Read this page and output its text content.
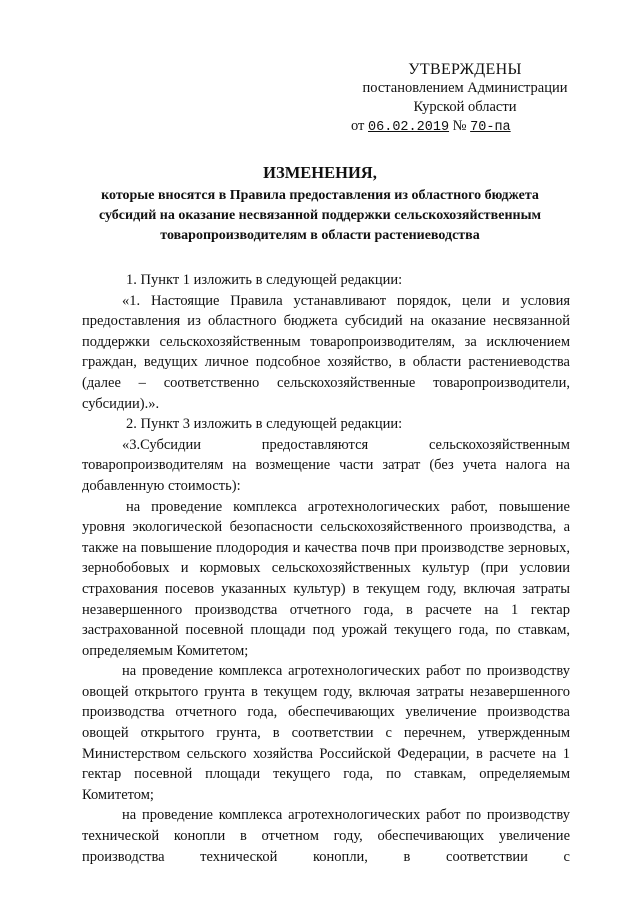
УТВЕРЖДЕНЫ
постановлением Администрации
Курской области
от 06.02.2019 № 70-па
ИЗМЕНЕНИЯ,
которые вносятся в Правила предоставления из областного бюджета субсидий на оказание несвязанной поддержки сельскохозяйственным товаропроизводителям в области растениеводства

1. Пункт 1 изложить в следующей редакции:

«1. Настоящие Правила устанавливают порядок, цели и условия предоставления из областного бюджета субсидий на оказание несвязанной поддержки сельскохозяйственным товаропроизводителям, за исключением граждан, ведущих личное подсобное хозяйство, в области растениеводства (далее – соответственно сельскохозяйственные товаропроизводители, субсидии).».

2. Пункт 3 изложить в следующей редакции:

«3.Субсидии предоставляются сельскохозяйственным товаропроизводителям на возмещение части затрат (без учета налога на добавленную стоимость):

на проведение комплекса агротехнологических работ, повышение уровня экологической безопасности сельскохозяйственного производства, а также на повышение плодородия и качества почв при производстве зерновых, зернобобовых и кормовых сельскохозяйственных культур (при условии страхования посевов указанных культур) в текущем году, включая затраты незавершенного производства отчетного года, в расчете на 1 гектар застрахованной посевной площади под урожай текущего года, по ставкам, определяемым Комитетом;

на проведение комплекса агротехнологических работ по производству овощей открытого грунта в текущем году, включая затраты незавершенного производства отчетного года, обеспечивающих увеличение производства овощей открытого грунта, в соответствии с перечнем, утвержденным Министерством сельского хозяйства Российской Федерации, в расчете на 1 гектар посевной площади текущего года, по ставкам, определяемым Комитетом;

на проведение комплекса агротехнологических работ по производству технической конопли в отчетном году, обеспечивающих увеличение производства технической конопли, в соответствии с
